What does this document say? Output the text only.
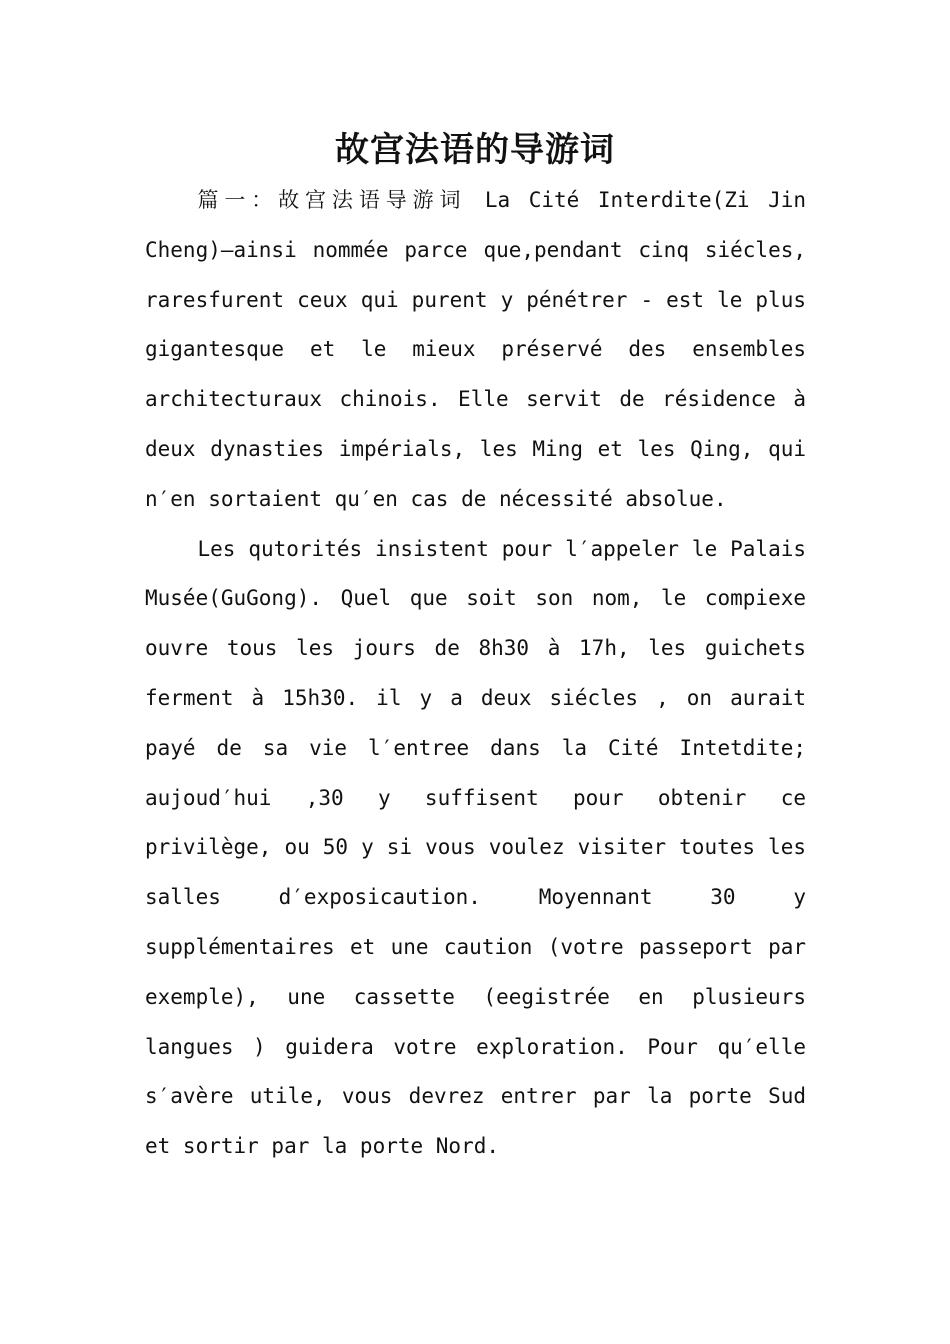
故宫法语的导游词

篇一：故宫法语导游词 La Cité Interdite(Zi Jin Cheng)—ainsi nommée parce que,pendant cinq siécles, raresfurent ceux qui purent y pénétrer - est le plus gigantesque et le mieux préservé des ensembles architecturaux chinois. Elle servit de résidence à deux dynasties impérials, les Ming et les Qing, qui n′en sortaient qu′en cas de nécessité absolue.

Les qutorités insistent pour l′appeler le Palais Musée(GuGong). Quel que soit son nom, le compiexe ouvre tous les jours de 8h30 à 17h, les guichets ferment à 15h30. il y a deux siécles , on aurait payé de sa vie l′entree dans la Cité Intetdite; aujoud′hui ,30 y suffisent pour obtenir ce privilège, ou 50 y si vous voulez visiter toutes les salles d′exposicaution. Moyennant 30 y supplémentaires et une caution (votre passeport par exemple), une cassette (eegistrée en plusieurs langues ) guidera votre exploration. Pour qu′elle s′avère utile, vous devrez entrer par la porte Sud et sortir par la porte Nord.
